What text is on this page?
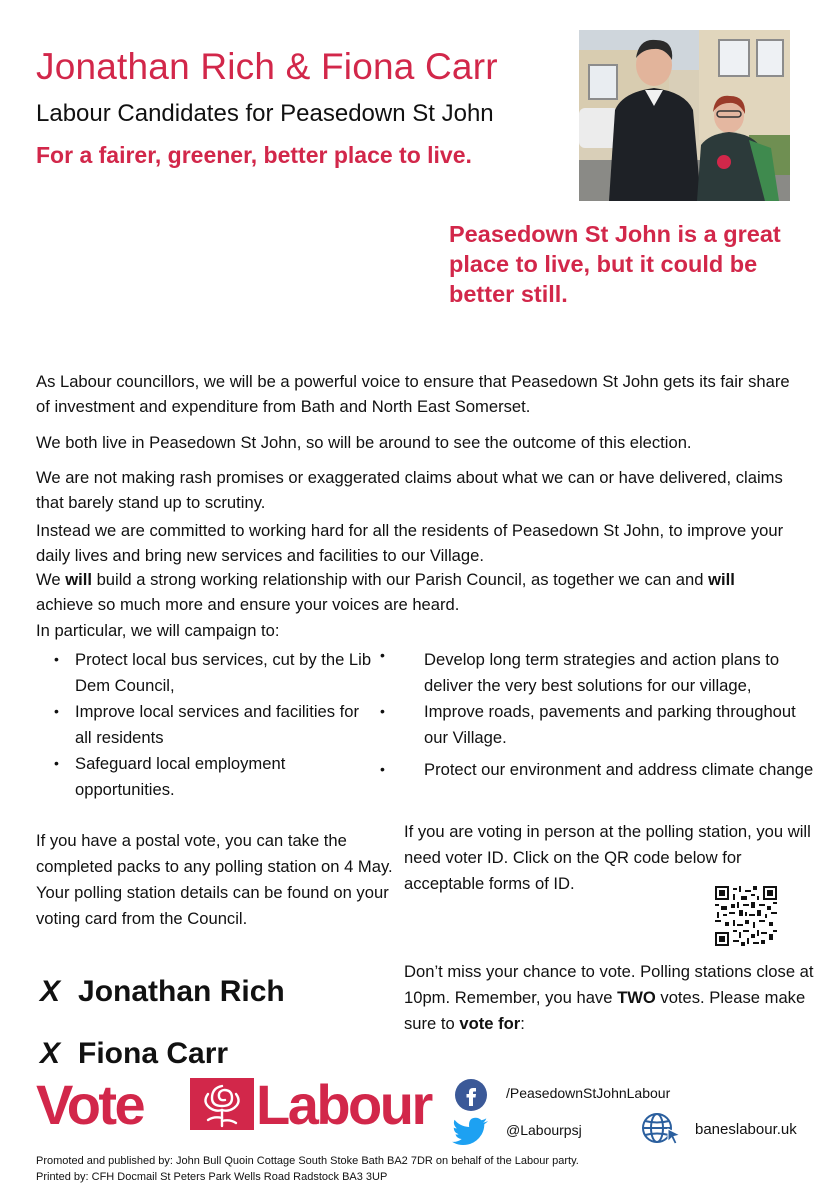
Jonathan Rich & Fiona Carr
Labour Candidates for Peasedown St John
For a fairer, greener, better place to live.
Peasedown St John is a great place to live, but it could be better still.

As Labour councillors, we will be a powerful voice to ensure that Peasedown St John gets its fair share of investment and expenditure from Bath and North East Somerset.

We both live in Peasedown St John, so will be around to see the outcome of this election.

We are not making rash promises or exaggerated claims about what we can or have delivered, claims that barely stand up to scrutiny.

Instead we are committed to working hard for all the residents of Peasedown St John, to improve your daily lives and bring new services and facilities to our Village.

We will build a strong working relationship with our Parish Council, as together we can and will achieve so much more and ensure your voices are heard.

In particular, we will campaign to:

• Protect local bus services, cut by the Lib Dem Council,
• Improve local services and facilities for all residents
• Safeguard local employment opportunities.
• Develop long term strategies and action plans to deliver the very best solutions for our village,
• Improve roads, pavements and parking throughout our Village.
• Protect our environment and address climate change

If you have a postal vote, you can take the completed packs to any polling station on 4 May. Your polling station details can be found on your voting card from the Council.

If you are voting in person at the polling station, you will need voter ID. Click on the QR code below for acceptable forms of ID.

Don’t miss your chance to vote. Polling stations close at 10pm. Remember, you have TWO votes. Please make sure to vote for:

X Jonathan Rich
X Fiona Carr
Vote Labour	/PeasedownStJohnLabour
@Labourpsj	baneslabour.uk
Promoted and published by: John Bull Quoin Cottage South Stoke Bath BA2 7DR on behalf of the Labour party.
Printed by: CFH Docmail St Peters Park Wells Road Radstock BA3 3UP
